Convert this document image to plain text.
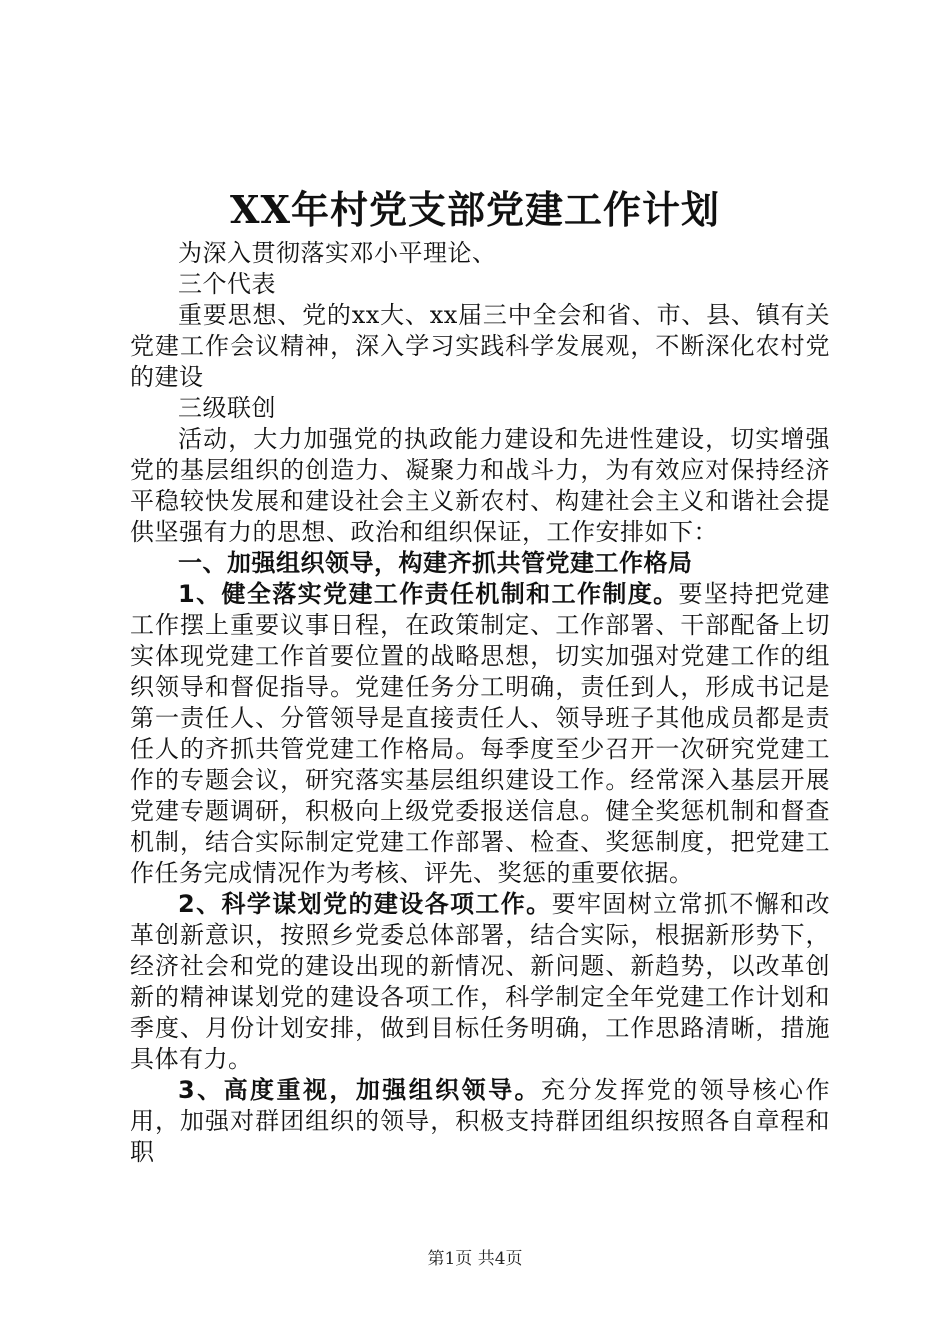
XX年村党支部党建工作计划

为深入贯彻落实邓小平理论、

三个代表

重要思想、党的xx大、xx届三中全会和省、市、县、镇有关党建工作会议精神，深入学习实践科学发展观，不断深化农村党的建设

三级联创

活动，大力加强党的执政能力建设和先进性建设，切实增强党的基层组织的创造力、凝聚力和战斗力，为有效应对保持经济平稳较快发展和建设社会主义新农村、构建社会主义和谐社会提供坚强有力的思想、政治和组织保证，工作安排如下：

一、加强组织领导，构建齐抓共管党建工作格局

1、健全落实党建工作责任机制和工作制度。要坚持把党建工作摆上重要议事日程，在政策制定、工作部署、干部配备上切实体现党建工作首要位置的战略思想，切实加强对党建工作的组织领导和督促指导。党建任务分工明确，责任到人，形成书记是第一责任人、分管领导是直接责任人、领导班子其他成员都是责任人的齐抓共管党建工作格局。每季度至少召开一次研究党建工作的专题会议，研究落实基层组织建设工作。经常深入基层开展党建专题调研，积极向上级党委报送信息。健全奖惩机制和督查机制，结合实际制定党建工作部署、检查、奖惩制度，把党建工作任务完成情况作为考核、评先、奖惩的重要依据。

2、科学谋划党的建设各项工作。要牢固树立常抓不懈和改革创新意识，按照乡党委总体部署，结合实际，根据新形势下，经济社会和党的建设出现的新情况、新问题、新趋势，以改革创新的精神谋划党的建设各项工作，科学制定全年党建工作计划和季度、月份计划安排，做到目标任务明确，工作思路清晰，措施具体有力。

3、高度重视，加强组织领导。充分发挥党的领导核心作用，加强对群团组织的领导，积极支持群团组织按照各自章程和职

第1页 共4页
